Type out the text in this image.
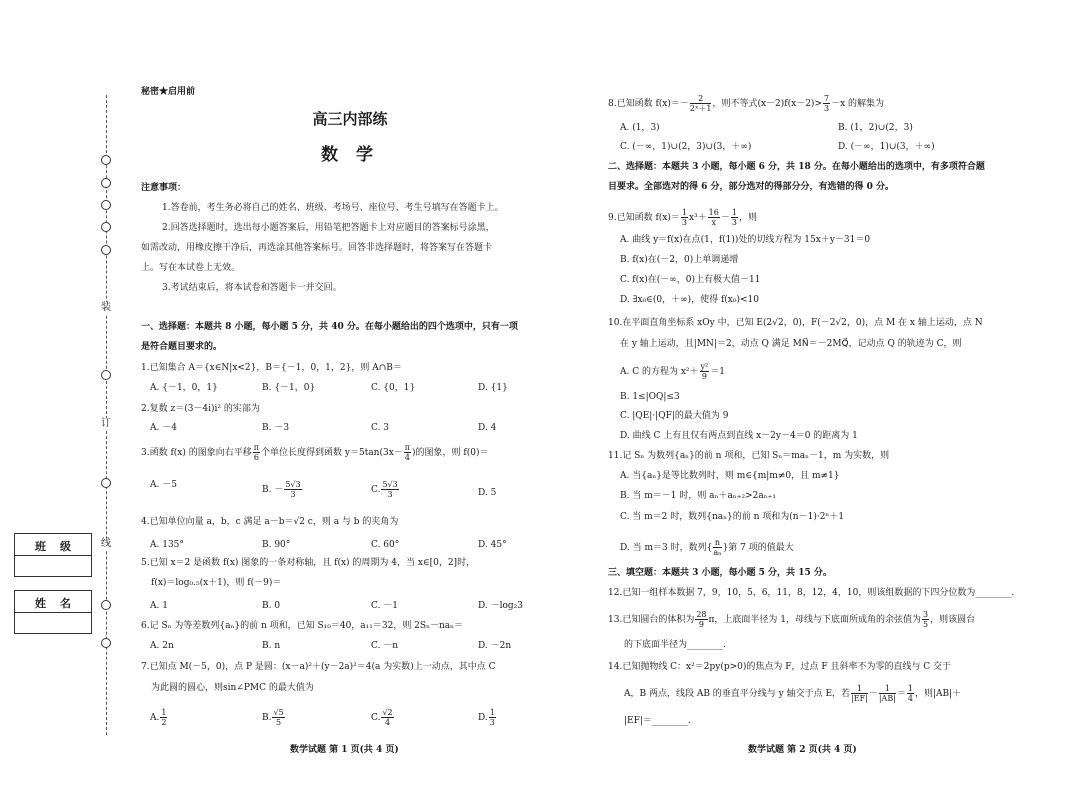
装
订
线
班级
姓名
秘密★启用前
高三内部练
数 学
注意事项：
1.答卷前，考生务必将自己的姓名、班级、考场号、座位号、考生号填写在答题卡上。
2.回答选择题时，选出每小题答案后，用铅笔把答题卡上对应题目的答案标号涂黑，
如需改动，用橡皮擦干净后，再选涂其他答案标号。回答非选择题时，将答案写在答题卡
上。写在本试卷上无效。
3.考试结束后，将本试卷和答题卡一并交回。
一、选择题：本题共 8 小题，每小题 5 分，共 40 分。在每小题给出的四个选项中，只有一项
是符合题目要求的。
1.已知集合 A＝{x∈N|x<2}，B＝{－1，0，1，2}，则 A∩B＝
A. {－1，0，1}	B. {－1，0}	C. {0，1}	D. {1}
2.复数 z＝(3－4i)i² 的实部为
A. －4	B. －3	C. 3	D. 4
3.函数 f(x) 的图象向右平移 $\frac{\pi}{6}$ 个单位长度得到函数 $y=5\tan(3x- \frac{\pi}{4}$ )的图象，则 f(0)＝
A. －5	B. － $\frac{5√3}{3}$	C. $\frac{5√3}{3}$	D. 5
4.已知单位向量 a，b，c 满足 a－b＝√2 c，则 a 与 b 的夹角为
A. 135°	B. 90°	C. 60°	D. 45°
5.已知 x＝2 是函数 f(x) 图象的一条对称轴，且 f(x) 的周期为 4，当 x∈[0，2]时，
f(x)＝log₀.₅(x＋1)，则 f(－9)＝
A. 1	B. 0	C. －1	D. －log₂3
6.记 Sₙ 为等差数列{aₙ}的前 n 项和，已知 S₁₀＝40，a₁₁＝32，则 2Sₙ－naₙ＝
A. 2n	B. n	C. －n	D. －2n
7.已知点 M(－5，0)，点 P 是圆：(x－a)²＋(y－2a)²＝4(a 为实数)上一动点，其中点 C
为此圆的圆心，则sin∠PMC 的最大值为
A. $\frac{1}{2}$	B. $\frac{√5}{5}$	C. $\frac{√2}{4}$	D. $\frac{1}{3}$
数学试题 第 1 页(共 4 页)
8.已知函数 $f(x)=- \frac{2}{\text{2ˣ＋1}}$ ，则不等式$(x-2)f(x-2)> \frac{7}{3} -x$ 的解集为
A. (1，3)	B. (1，2)∪(2，3)
C. (－∞，1)∪(2，3)∪(3，＋∞)	D. (－∞，1)∪(3，＋∞)
二、选择题：本题共 3 小题，每小题 6 分，共 18 分。在每小题给出的选项中，有多项符合题
目要求。全部选对的得 6 分，部分选对的得部分分，有选错的得 0 分。
9.已知函数 $f(x)= \frac{1}{3} x^3+ \frac{16}{x} - \frac{1}{3}$ ，则
A. 曲线 y＝f(x)在点(1，f(1))处的切线方程为 15x＋y－31＝0
B. f(x)在(－2，0)上单调递增
C. f(x)在(－∞，0)上有极大值－11
D. ∃x₀∈(0，＋∞)，使得 f(x₀)<10
10.在平面直角坐标系 xOy 中，已知 E(2√2，0)，F(－2√2，0)，点 M 在 x 轴上运动，点 N
在 y 轴上运动，且|MN|＝2，动点 Q 满足 MN⃗＝－2MQ⃗，记动点 Q 的轨迹为 C，则
A. C 的方程为 $x^2+ \frac{\text{y²}}{9} =1$
B. 1≤|OQ|≤3
C. |QE|·|QF|的最大值为 9
D. 曲线 C 上有且仅有两点到直线 x－2y－4＝0 的距离为 1
11.记 Sₙ 为数列{aₙ}的前 n 项和，已知 Sₙ＝maₙ－1，m 为实数，则
A. 当{aₙ}是等比数列时，则 m∈{m|m≠0，且 m≠1}
B. 当 m＝－1 时，则 aₙ＋aₙ₊₂>2aₙ₊₁
C. 当 m＝2 时，数列{naₙ}的前 n 项和为(n－1)·2ⁿ＋1
D. 当 m＝3 时，数列{ $\frac{n}{\text{aₙ}}$ }第 7 项的值最大
三、填空题：本题共 3 小题，每小题 5 分，共 15 分。
12.已知一组样本数据 7，9，10，5，6，11，8，12，4，10，则该组数据的下四分位数为________.
13.已知圆台的体积为 $\frac{28}{9}$ π，上底面半径为 1，母线与下底面所成角的余弦值为 $\frac{3}{5}$ ，则该圆台
的下底面半径为________.
14.已知抛物线 C：x²＝2py(p>0)的焦点为 F，过点 F 且斜率不为零的直线与 C 交于
A，B 两点，线段 AB 的垂直平分线与 y 轴交于点 E，若 $\frac{1}{|EF|} - \frac{1}{|AB|} = \frac{1}{4}$ ，则|AB|＋
|EF|＝________.
数学试题 第 2 页(共 4 页)
